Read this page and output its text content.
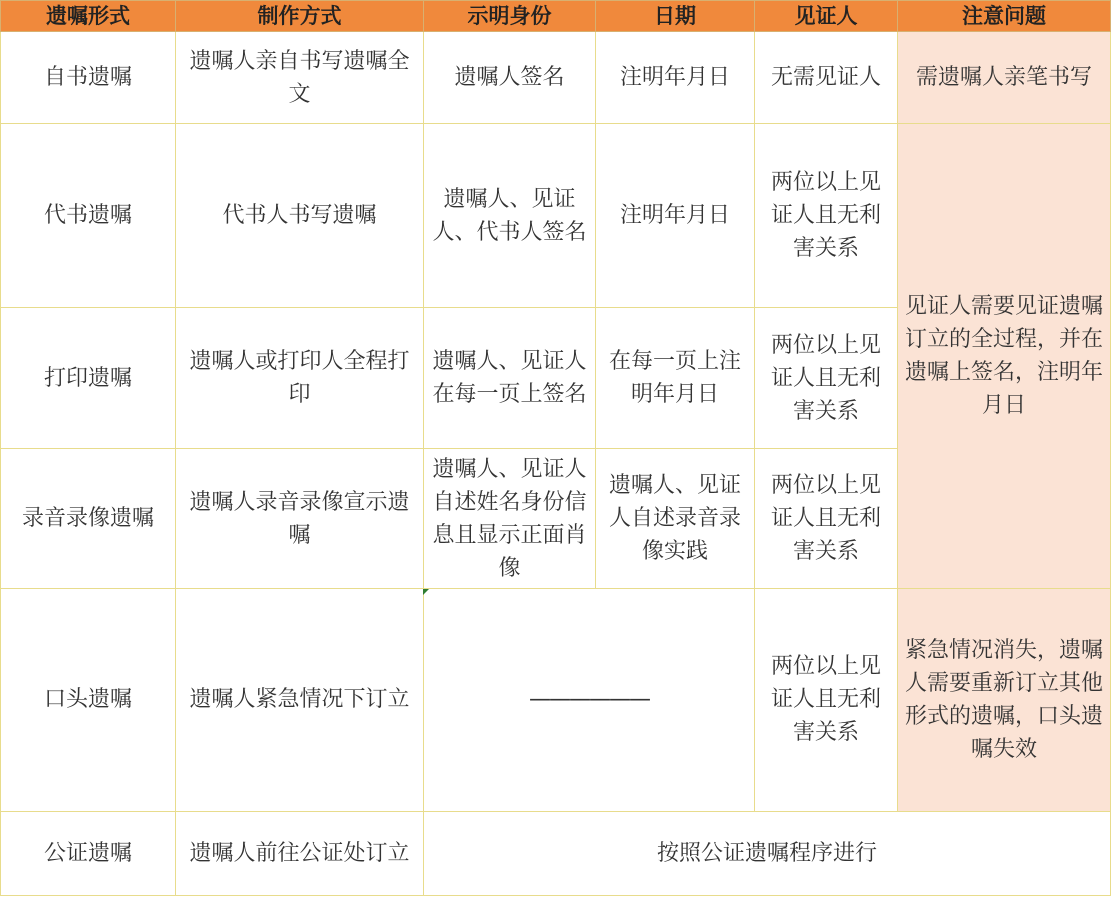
遗嘱形式	制作方式	示明身份	日期	见证人	注意问题
自书遗嘱	遗嘱人亲自书写遗嘱全文	遗嘱人签名	注明年月日	无需见证人	需遗嘱人亲笔书写
代书遗嘱	代书人书写遗嘱	遗嘱人、见证人、代书人签名	注明年月日	两位以上见证人且无利害关系	见证人需要见证遗嘱订立的全过程，并在遗嘱上签名，注明年月日
打印遗嘱	遗嘱人或打印人全程打印	遗嘱人、见证人在每一页上签名	在每一页上注明年月日	两位以上见证人且无利害关系	
录音录像遗嘱	遗嘱人录音录像宣示遗嘱	遗嘱人、见证人自述姓名身份信息且显示正面肖像	遗嘱人、见证人自述录音录像实践	两位以上见证人且无利害关系	
口头遗嘱	遗嘱人紧急情况下订立	——————		两位以上见证人且无利害关系	紧急情况消失，遗嘱人需要重新订立其他形式的遗嘱，口头遗嘱失效
公证遗嘱	遗嘱人前往公证处订立	按照公证遗嘱程序进行			
